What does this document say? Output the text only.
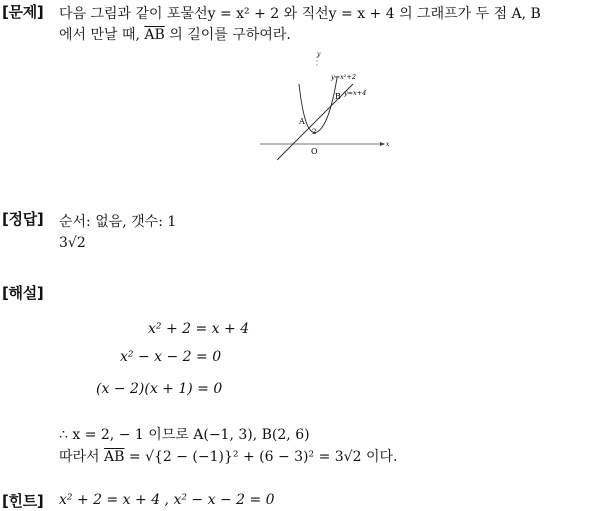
[문제] 다음 그림과 같이 포물선y = x² + 2 와 직선y = x + 4 의 그래프가 두 점 A, B
에서 만날 때, $\overline{AB}$ 의 길이를 구하여라.
y
x
O
y=x²+2
y=x+4
A
B
2
[정답] 순서: 없음, 갯수: 1
3√2
[해설]
x² + 2 = x + 4
x² − x − 2 = 0
(x − 2)(x + 1) = 0
∴ x = 2, − 1 이므로 A(−1, 3), B(2, 6)
따라서 $\overline{AB} = √\{2 - (-1)\}^2 + (6 - 3)^2 = 3√2$ 이다.
[힌트] x² + 2 = x + 4 , x² − x − 2 = 0
